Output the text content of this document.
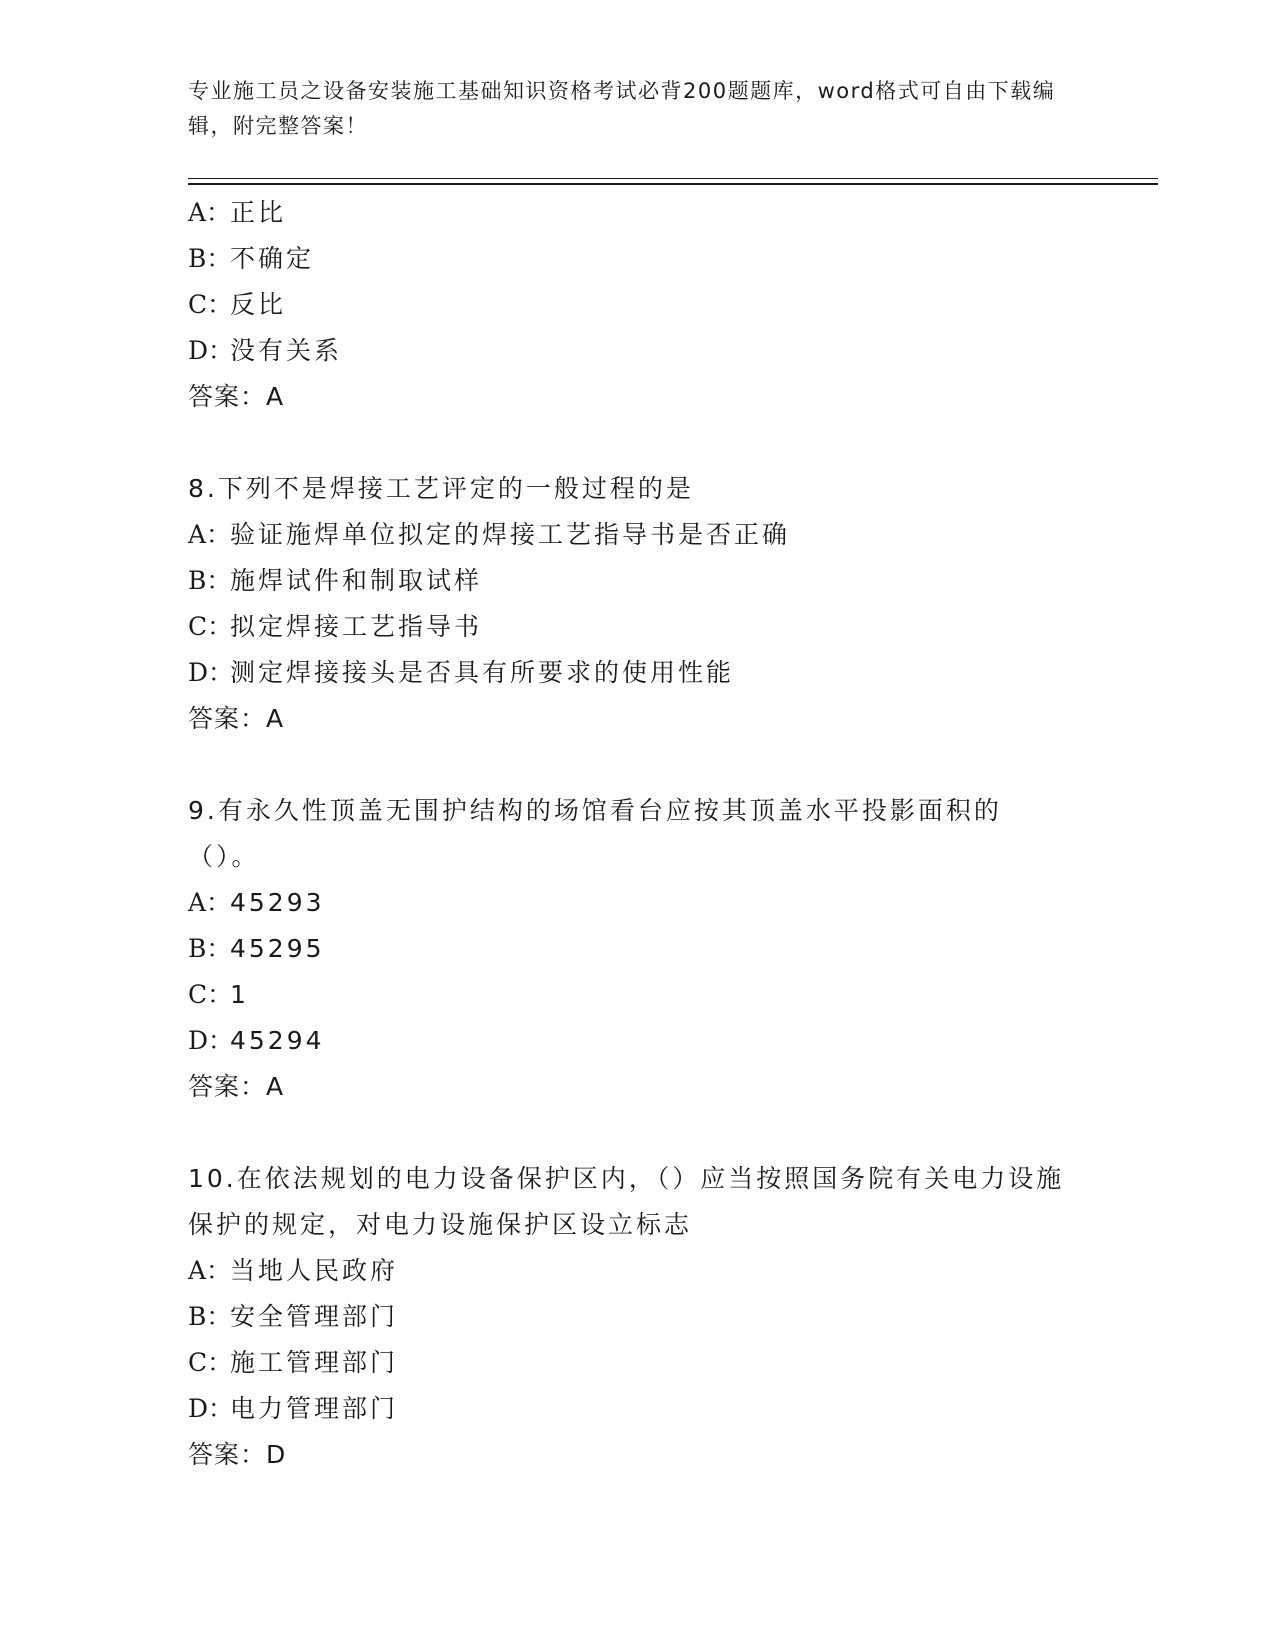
专业施工员之设备安装施工基础知识资格考试必背200题题库，word格式可自由下载编辑，附完整答案！
A：正比
B：不确定
C：反比
D：没有关系
答案：A
8.下列不是焊接工艺评定的一般过程的是
A：验证施焊单位拟定的焊接工艺指导书是否正确
B：施焊试件和制取试样
C：拟定焊接工艺指导书
D：测定焊接接头是否具有所要求的使用性能
答案：A
9.有永久性顶盖无围护结构的场馆看台应按其顶盖水平投影面积的（）。
A：45293
B：45295
C：1
D：45294
答案：A
10.在依法规划的电力设备保护区内，（）应当按照国务院有关电力设施保护的规定，对电力设施保护区设立标志
A：当地人民政府
B：安全管理部门
C：施工管理部门
D：电力管理部门
答案：D
